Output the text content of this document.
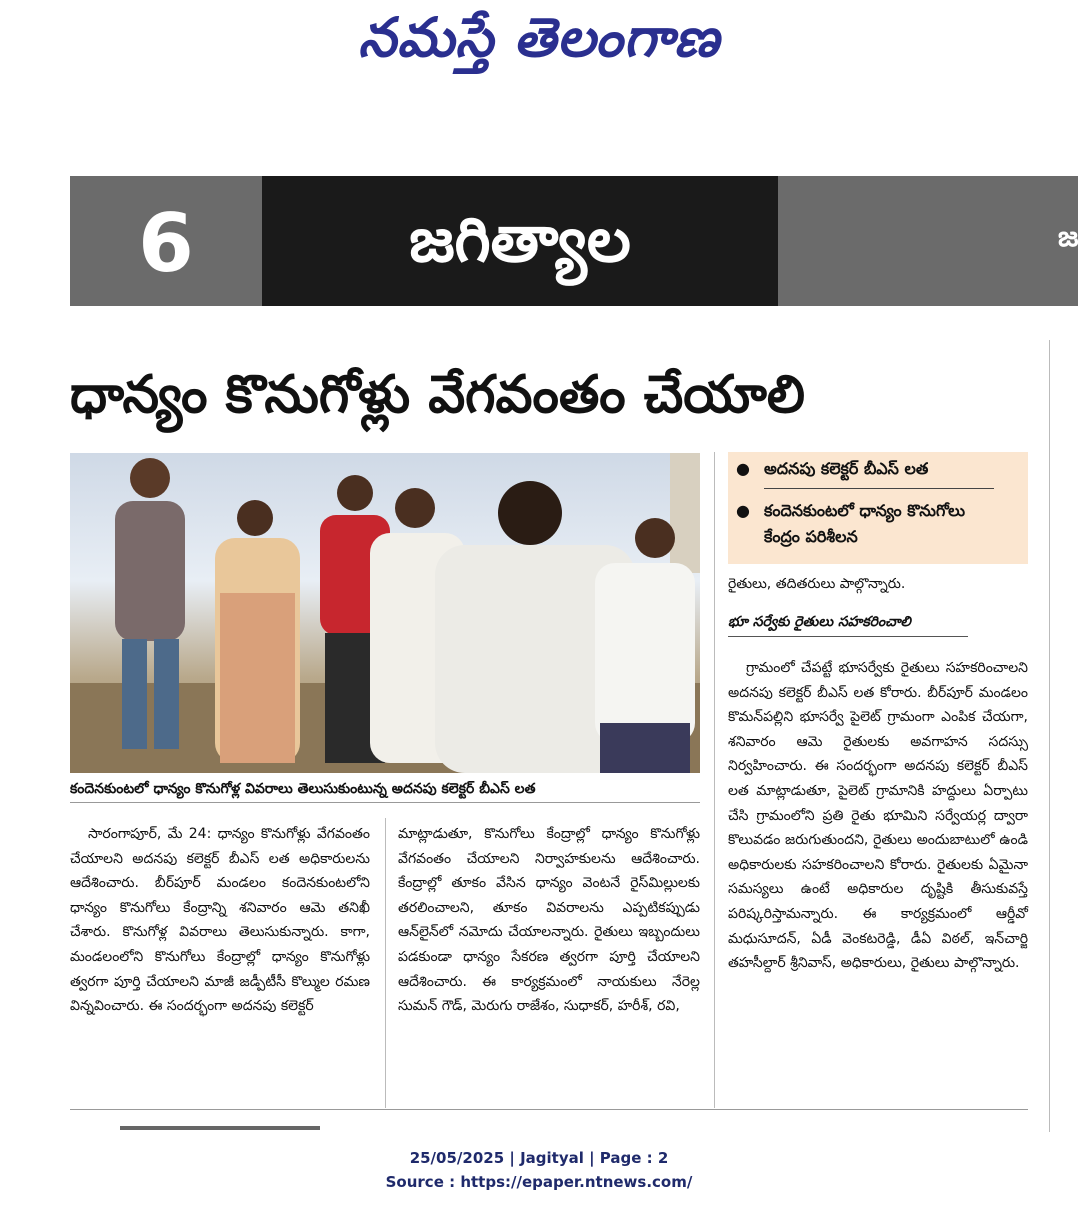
నమస్తే తెలంగాణ
6	జగిత్యాల	జ
ధాన్యం కొనుగోళ్లు వేగవంతం చేయాలి
కందెనకుంటలో ధాన్యం కొనుగోళ్ల వివరాలు తెలుసుకుంటున్న అదనపు కలెక్టర్ బీఎస్ లత
● అదనపు కలెక్టర్ బీఎస్ లత
● కందెనకుంటలో ధాన్యం కొనుగోలు కేంద్రం పరిశీలన

రైతులు, తదితరులు పాల్గొన్నారు.

భూ సర్వేకు రైతులు సహకరించాలి

గ్రామంలో చేపట్టే భూసర్వేకు రైతులు సహకరించాలని అదనపు కలెక్టర్ బీఎస్ లత కోరారు. బీర్‌పూర్ మండలం కొమన్‌పల్లిని భూసర్వే పైలెట్ గ్రామంగా ఎంపిక చేయగా, శనివారం ఆమె రైతులకు అవగాహన సదస్సు నిర్వహించారు. ఈ సందర్భంగా అదనపు కలెక్టర్ బీఎస్ లత మాట్లాడుతూ, పైలెట్ గ్రామానికి హద్దులు ఏర్పాటు చేసి గ్రామంలోని ప్రతి రైతు భూమిని సర్వేయర్ల ద్వారా కొలువడం జరుగుతుందని, రైతులు అందుబాటులో ఉండి అధికారులకు సహకరించాలని కోరారు. రైతులకు ఏమైనా సమస్యలు ఉంటే అధికారుల దృష్టికి తీసుకువస్తే పరిష్కరిస్తామన్నారు. ఈ కార్యక్రమంలో ఆర్డీవో మధుసూదన్, ఏడీ వెంకటరెడ్డి, డీఏ విఠల్, ఇన్‌చార్జి తహసీల్దార్ శ్రీనివాస్, అధికారులు, రైతులు పాల్గొన్నారు.

సారంగాపూర్, మే 24: ధాన్యం కొనుగోళ్లు వేగవంతం చేయాలని అదనపు కలెక్టర్ బీఎస్ లత అధికారులను ఆదేశించారు. బీర్‌పూర్ మండలం కందెనకుంటలోని ధాన్యం కొనుగోలు కేంద్రాన్ని శనివారం ఆమె తనిఖీ చేశారు. కొనుగోళ్ల వివరాలు తెలుసుకున్నారు. కాగా, మండలంలోని కొనుగోలు కేంద్రాల్లో ధాన్యం కొనుగోళ్లు త్వరగా పూర్తి చేయాలని మాజీ జడ్పీటీసీ కొల్ముల రమణ విన్నవించారు. ఈ సందర్భంగా అదనపు కలెక్టర్

మాట్లాడుతూ, కొనుగోలు కేంద్రాల్లో ధాన్యం కొనుగోళ్లు వేగవంతం చేయాలని నిర్వాహకులను ఆదేశించారు. కేంద్రాల్లో తూకం వేసిన ధాన్యం వెంటనే రైస్‌మిల్లులకు తరలించాలని, తూకం వివరాలను ఎప్పటికప్పుడు ఆన్‌లైన్‌లో నమోదు చేయాలన్నారు. రైతులు ఇబ్బందులు పడకుండా ధాన్యం సేకరణ త్వరగా పూర్తి చేయాలని ఆదేశించారు. ఈ కార్యక్రమంలో నాయకులు నేరెల్ల సుమన్ గౌడ్, మెరుగు రాజేశం, సుధాకర్, హరీశ్, రవి,

25/05/2025 | Jagityal | Page : 2
Source : https://epaper.ntnews.com/
